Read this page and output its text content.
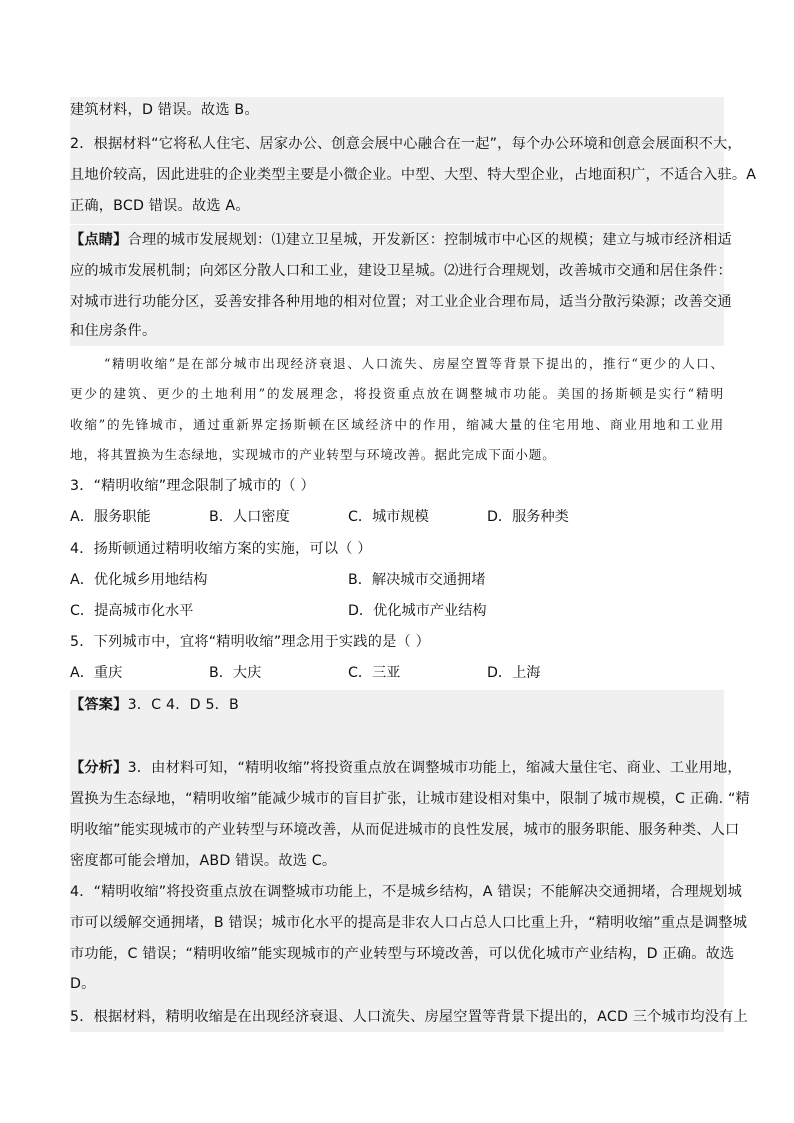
建筑材料，D 错误。故选 B。
2．根据材料“它将私人住宅、居家办公、创意会展中心融合在一起”，每个办公环境和创意会展面积不大，
且地价较高，因此进驻的企业类型主要是小微企业。中型、大型、特大型企业，占地面积广，不适合入驻。A
正确，BCD 错误。故选 A。
【点睛】合理的城市发展规划：⑴建立卫星城，开发新区：控制城市中心区的规模；建立与城市经济相适
应的城市发展机制；向郊区分散人口和工业，建设卫星城。⑵进行合理规划，改善城市交通和居住条件：
对城市进行功能分区，妥善安排各种用地的相对位置；对工业企业合理布局，适当分散污染源；改善交通
和住房条件。
“精明收缩”是在部分城市出现经济衰退、人口流失、房屋空置等背景下提出的，推行“更少的人口、
更少的建筑、更少的土地利用”的发展理念，将投资重点放在调整城市功能。美国的扬斯顿是实行“精明
收缩”的先锋城市，通过重新界定扬斯顿在区域经济中的作用，缩减大量的住宅用地、商业用地和工业用
地，将其置换为生态绿地，实现城市的产业转型与环境改善。据此完成下面小题。
3．“精明收缩”理念限制了城市的（ ）
A．服务职能	B．人口密度	C．城市规模	D．服务种类
4．扬斯顿通过精明收缩方案的实施，可以（ ）
A．优化城乡用地结构	B．解决城市交通拥堵
C．提高城市化水平	D．优化城市产业结构
5．下列城市中，宜将“精明收缩”理念用于实践的是（ ）
A．重庆	B．大庆	C．三亚	D．上海
【答案】3．C 4．D 5．B
【分析】3．由材料可知，“精明收缩”将投资重点放在调整城市功能上，缩减大量住宅、商业、工业用地，
置换为生态绿地，“精明收缩”能减少城市的盲目扩张，让城市建设相对集中，限制了城市规模，C 正确. “精
明收缩”能实现城市的产业转型与环境改善，从而促进城市的良性发展，城市的服务职能、服务种类、人口
密度都可能会增加，ABD 错误。故选 C。
4．“精明收缩”将投资重点放在调整城市功能上，不是城乡结构，A 错误；不能解决交通拥堵，合理规划城
市可以缓解交通拥堵，B 错误；城市化水平的提高是非农人口占总人口比重上升，“精明收缩”重点是调整城
市功能，C 错误；“精明收缩”能实现城市的产业转型与环境改善，可以优化城市产业结构，D 正确。故选
D。
5．根据材料，精明收缩是在出现经济衰退、人口流失、房屋空置等背景下提出的，ACD 三个城市均没有上
